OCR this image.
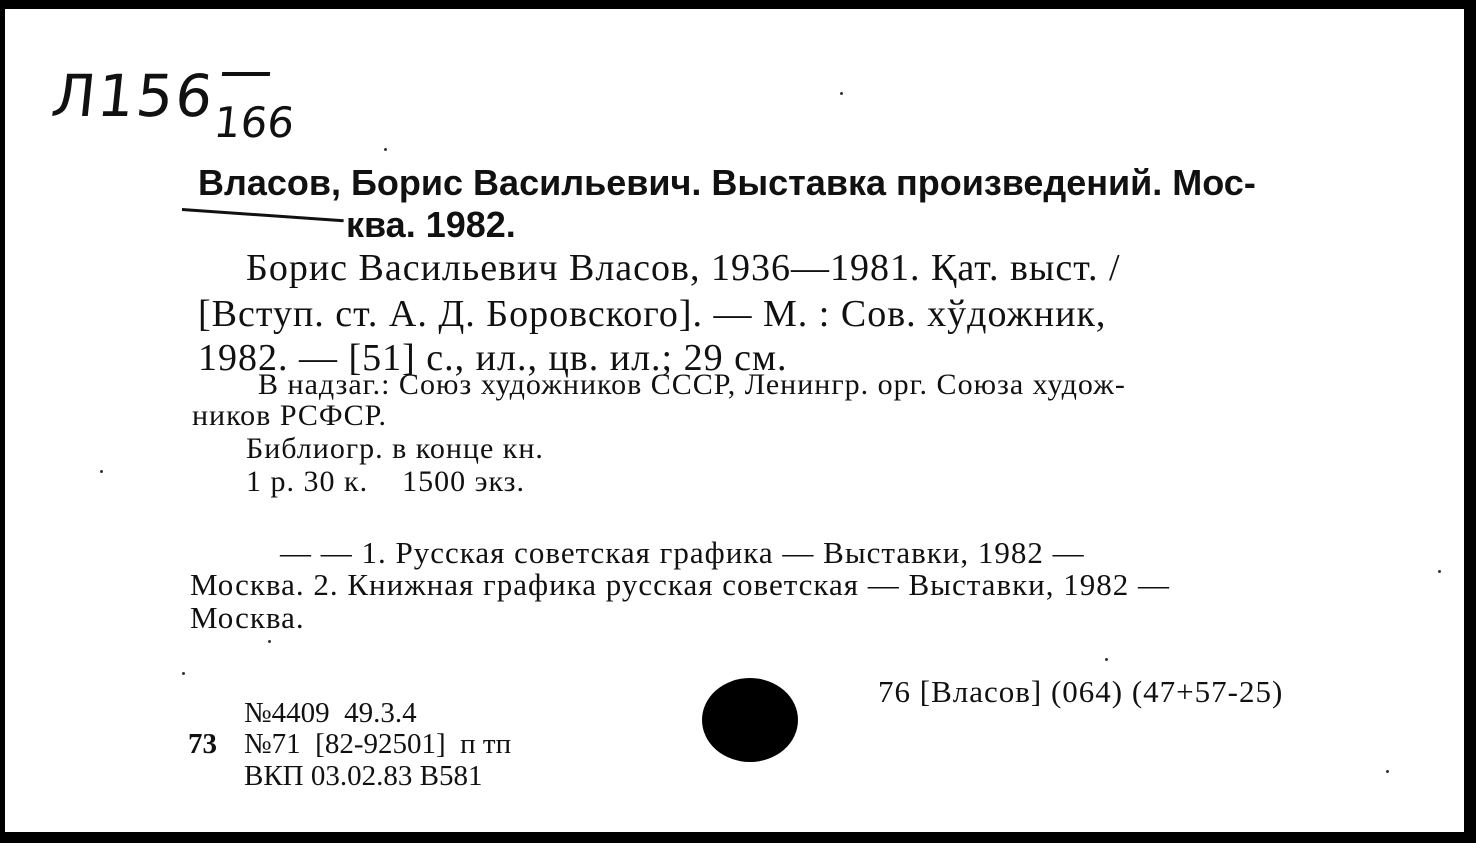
Л156
166
Власов, Борис Васильевич. Выставка произведений. Мос-
ква. 1982.
Борис Васильевич Власов, 1936—1981. Қат. выст. /
[Вступ. ст. А. Д. Боровского]. — М. : Сов. хўдожник,
1982. — [51] с., ил., цв. ил.; 29 см.
В надзаг.: Союз художников СССР, Ленингр. орг. Союза худож-
ников РСФСР.
Библиогр. в конце кн.
1 р. 30 к.    1500 экз.
— — 1. Русская советская графика — Выставки, 1982 —
Москва. 2. Книжная графика русская советская — Выставки, 1982 —
Москва.
76 [Власов] (064) (47+57-25)
№4409  49.3.4
73 №71  [82-92501]  п тп
ВКП 03.02.83 В581
